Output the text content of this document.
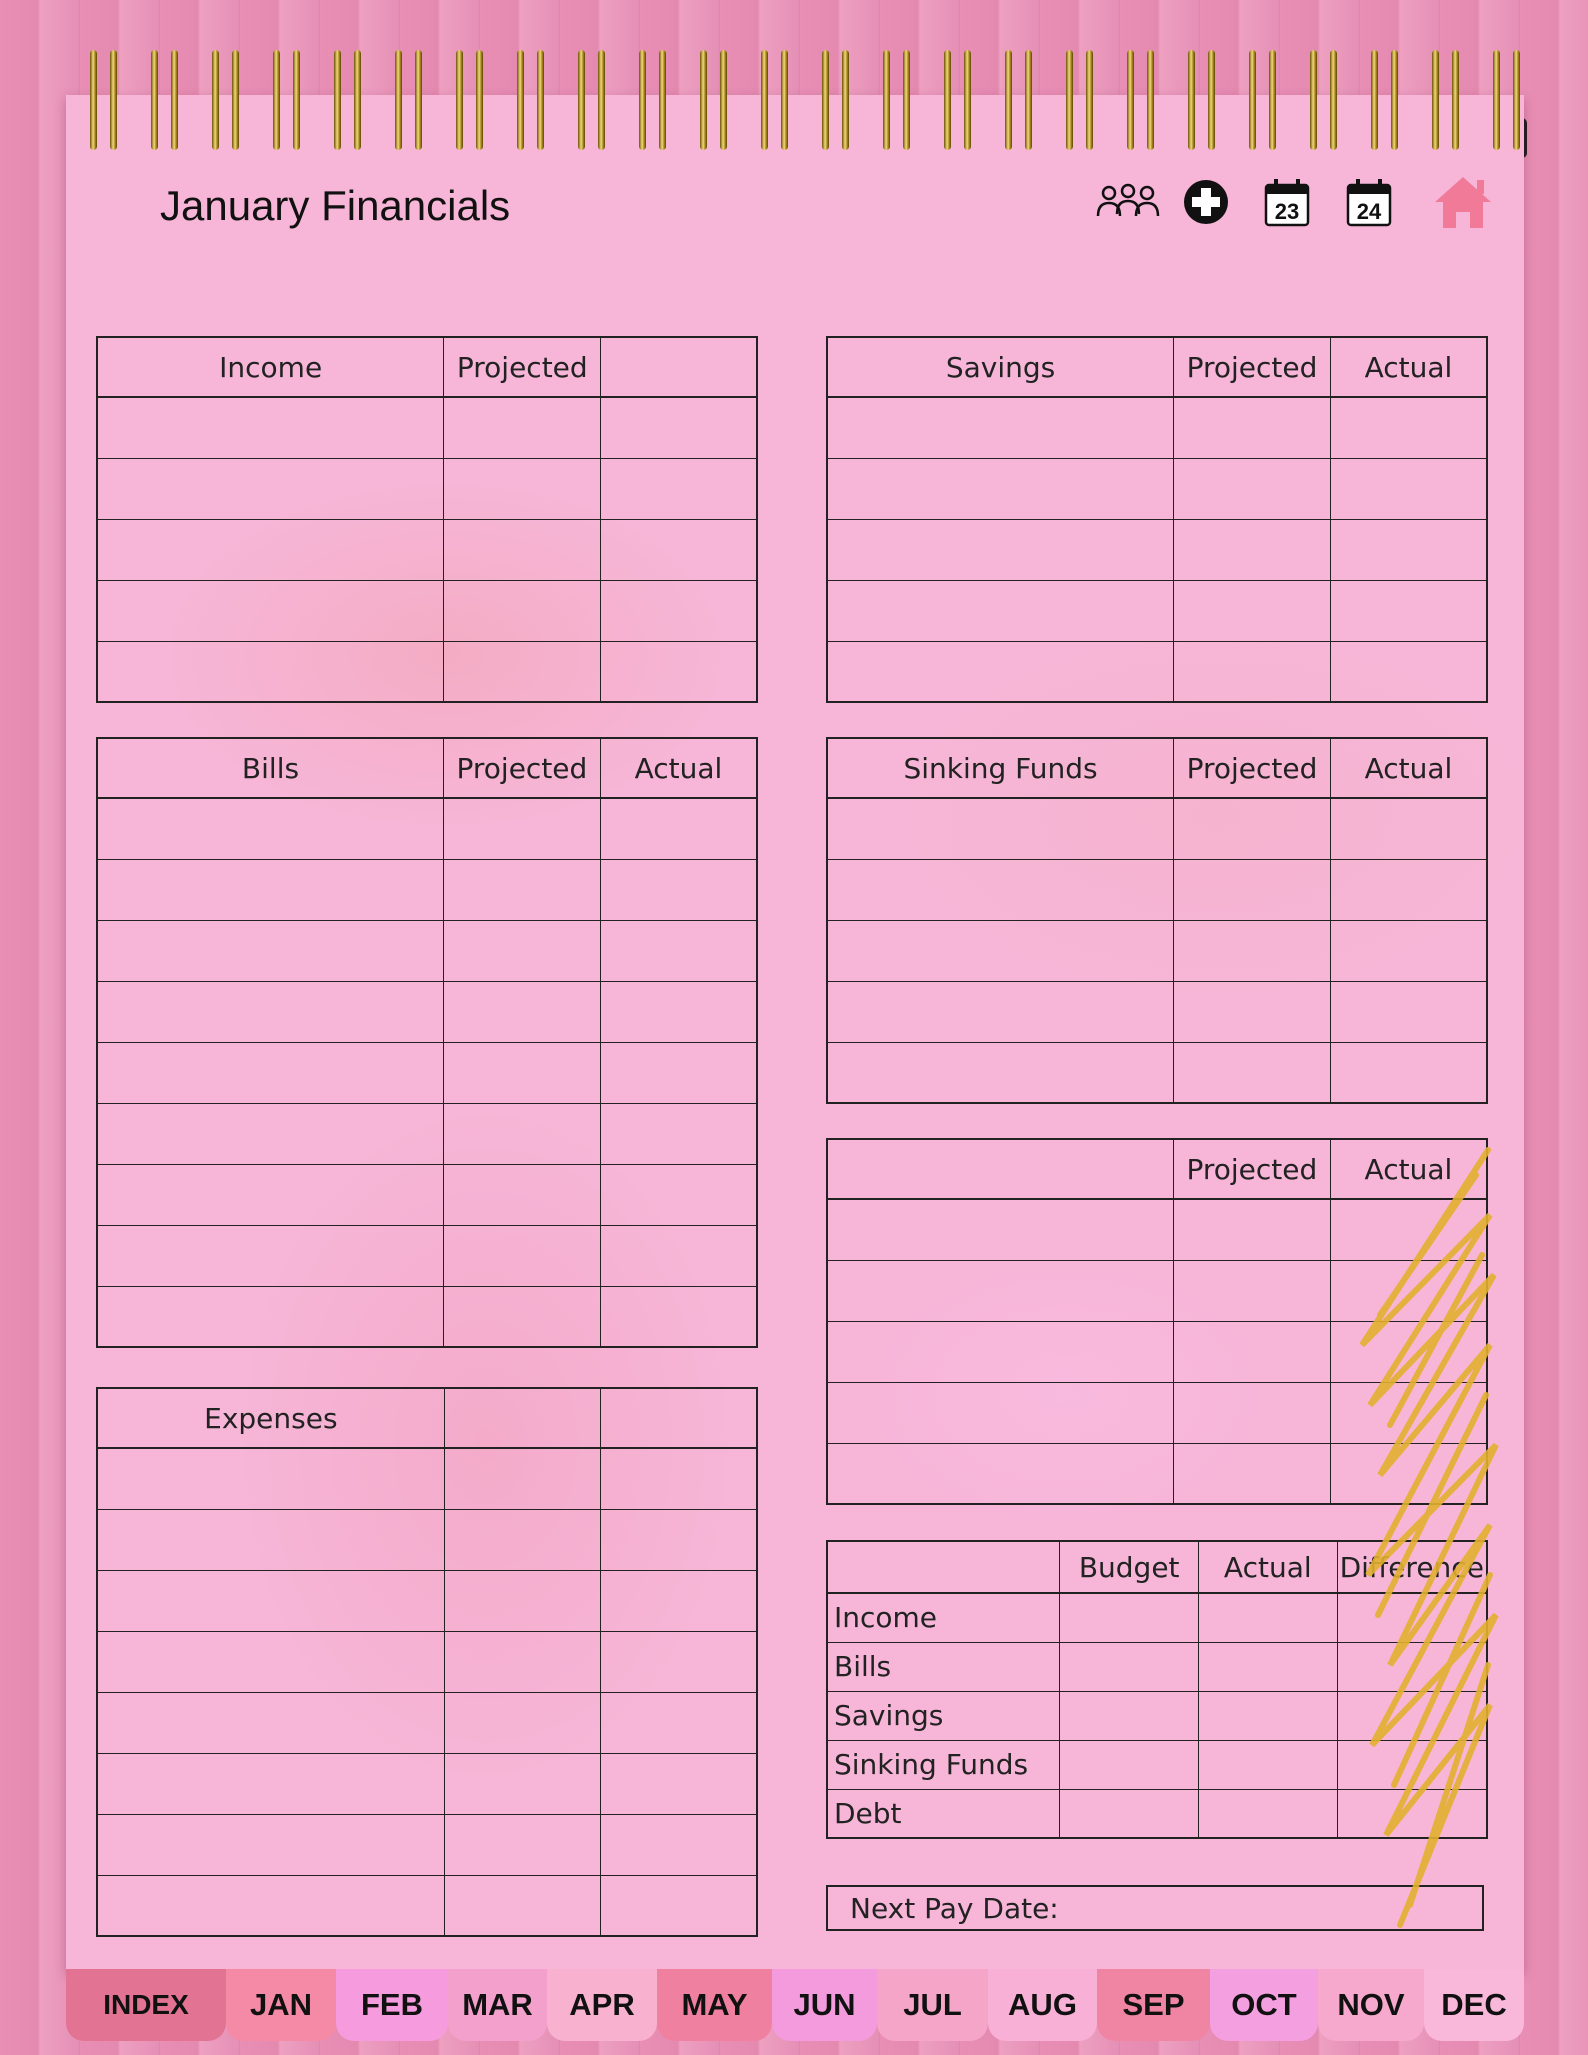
January Financials	23	24
Income	Projected	

			Savings	Projected	Actual

Bills	Projected	Actual

			Sinking Funds	Projected	Actual

	Projected	Actual

Expenses		

	Budget	Actual	Difference
Income			
Bills			
Savings			
Sinking Funds			
Debt			
Next Pay Date:
INDEX	JAN	FEB	MAR	APR	MAY	JUN	JUL	AUG	SEP	OCT	NOV	DEC
